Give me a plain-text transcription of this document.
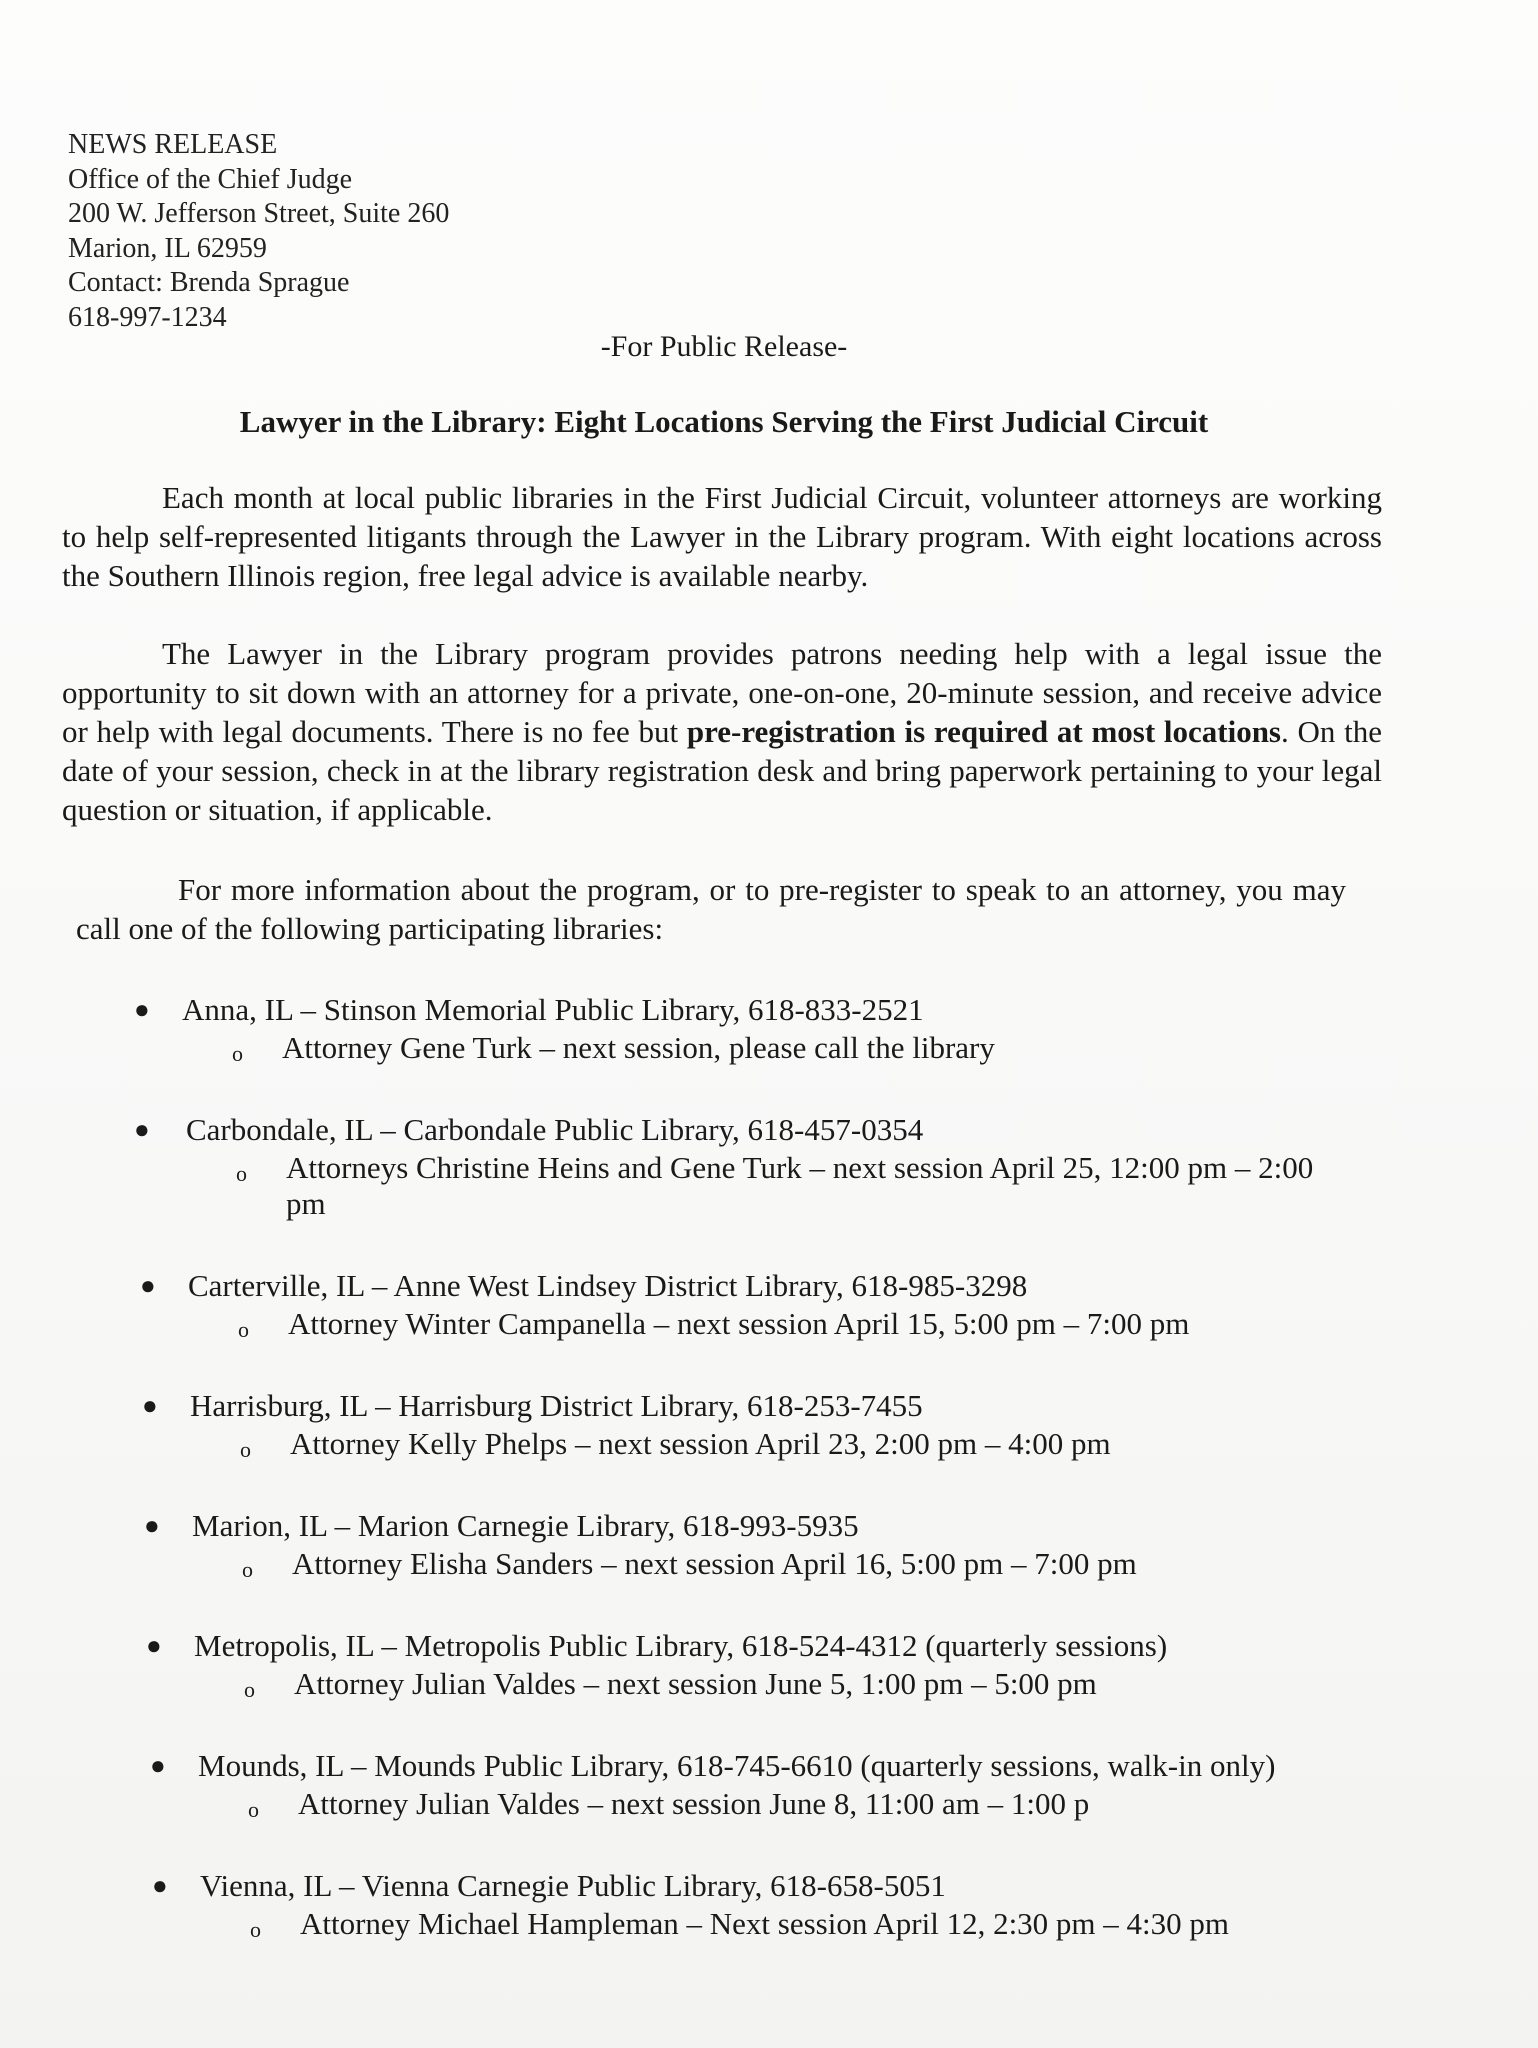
NEWS RELEASE
Office of the Chief Judge
200 W. Jefferson Street, Suite 260
Marion, IL 62959
Contact: Brenda Sprague
618-997-1234
-For Public Release-
Lawyer in the Library: Eight Locations Serving the First Judicial Circuit
Each month at local public libraries in the First Judicial Circuit, volunteer attorneys are working to help self-represented litigants through the Lawyer in the Library program. With eight locations across the Southern Illinois region, free legal advice is available nearby.
The Lawyer in the Library program provides patrons needing help with a legal issue the opportunity to sit down with an attorney for a private, one-on-one, 20-minute session, and receive advice or help with legal documents. There is no fee but pre-registration is required at most locations. On the date of your session, check in at the library registration desk and bring paperwork pertaining to your legal question or situation, if applicable.
For more information about the program, or to pre-register to speak to an attorney, you may call one of the following participating libraries:
● Anna, IL – Stinson Memorial Public Library, 618-833-2521
o Attorney Gene Turk – next session, please call the library
● Carbondale, IL – Carbondale Public Library, 618-457-0354
o Attorneys Christine Heins and Gene Turk – next session April 25, 12:00 pm – 2:00 pm
● Carterville, IL – Anne West Lindsey District Library, 618-985-3298
o Attorney Winter Campanella – next session April 15, 5:00 pm – 7:00 pm
● Harrisburg, IL – Harrisburg District Library, 618-253-7455
o Attorney Kelly Phelps – next session April 23, 2:00 pm – 4:00 pm
● Marion, IL – Marion Carnegie Library, 618-993-5935
o Attorney Elisha Sanders – next session April 16, 5:00 pm – 7:00 pm
● Metropolis, IL – Metropolis Public Library, 618-524-4312 (quarterly sessions)
o Attorney Julian Valdes – next session June 5, 1:00 pm – 5:00 pm
● Mounds, IL – Mounds Public Library, 618-745-6610 (quarterly sessions, walk-in only)
o Attorney Julian Valdes – next session June 8, 11:00 am – 1:00 p
● Vienna, IL – Vienna Carnegie Public Library, 618-658-5051
o Attorney Michael Hampleman – Next session April 12, 2:30 pm – 4:30 pm
